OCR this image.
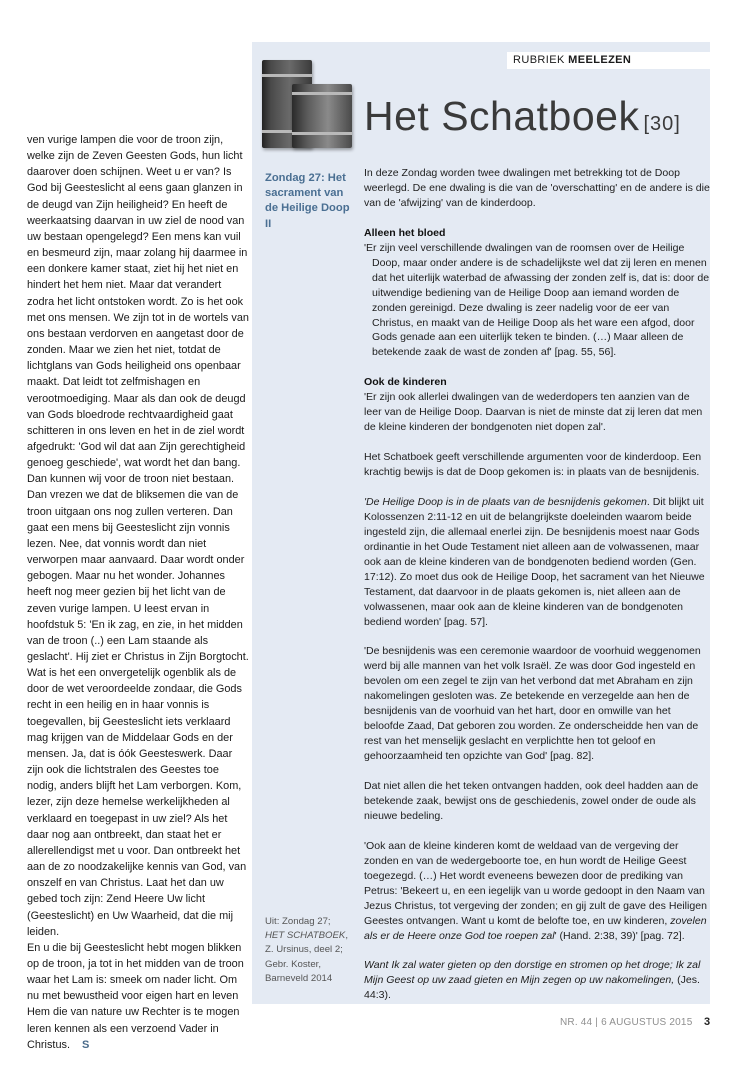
ven vurige lampen die voor de troon zijn, welke zijn de Zeven Geesten Gods, hun licht daarover doen schijnen. Weet u er van? Is God bij Geesteslicht al eens gaan glanzen in de deugd van Zijn heiligheid? En heeft de weerkaatsing daarvan in uw ziel de nood van uw bestaan opengelegd? Een mens kan vuil en besmeurd zijn, maar zolang hij daarmee in een donkere kamer staat, ziet hij het niet en hindert het hem niet. Maar dat verandert zodra het licht ontstoken wordt. Zo is het ook met ons mensen. We zijn tot in de wortels van ons bestaan verdorven en aangetast door de zonden. Maar we zien het niet, totdat de lichtglans van Gods heiligheid ons openbaar maakt. Dat leidt tot zelfmishagen en verootmoediging. Maar als dan ook de deugd van Gods bloedrode rechtvaardigheid gaat schitteren in ons leven en het in de ziel wordt afgedrukt: 'God wil dat aan Zijn gerechtigheid genoeg geschiede', wat wordt het dan bang. Dan kunnen wij voor de troon niet bestaan. Dan vrezen we dat de bliksemen die van de troon uitgaan ons nog zullen verteren. Dan gaat een mens bij Geesteslicht zijn vonnis lezen. Nee, dat vonnis wordt dan niet verworpen maar aanvaard. Daar wordt onder gebogen. Maar nu het wonder. Johannes heeft nog meer gezien bij het licht van de zeven vurige lampen. U leest ervan in hoofdstuk 5: 'En ik zag, en zie, in het midden van de troon (..) een Lam staande als geslacht'. Hij ziet er Christus in Zijn Borgtocht. Wat is het een onvergetelijk ogenblik als de door de wet veroordeelde zondaar, die Gods recht in een heilig en in haar vonnis is toegevallen, bij Geesteslicht iets verklaard mag krijgen van de Middelaar Gods en der mensen. Ja, dat is óók Geesteswerk. Daar zijn ook die lichtstralen des Geestes toe nodig, anders blijft het Lam verborgen. Kom, lezer, zijn deze hemelse werkelijkheden al verklaard en toegepast in uw ziel? Als het daar nog aan ontbreekt, dan staat het er allerellendigst met u voor. Dan ontbreekt het aan de zo noodzakelijke kennis van God, van onszelf en van Christus. Laat het dan uw gebed toch zijn: Zend Heere Uw licht (Geesteslicht) en Uw Waarheid, dat die mij leiden.

En u die bij Geesteslicht hebt mogen blikken op de troon, ja tot in het midden van de troon waar het Lam is: smeek om nader licht. Om nu met bewustheid voor eigen hart en leven Hem die van nature uw Rechter is te mogen leren kennen als een verzoend Vader in Christus. S

RUBRIEK MEELEZEN
Het Schatboek [30]
Zondag 27: Het sacrament van de Heilige Doop II

In deze Zondag worden twee dwalingen met betrekking tot de Doop weerlegd. De ene dwaling is die van de 'overschatting' en de andere is die van de 'afwijzing' van de kinderdoop.

Alleen het bloed

'Er zijn veel verschillende dwalingen van de roomsen over de Heilige Doop, maar onder andere is de schadelijkste wel dat zij leren en menen dat het uiterlijk waterbad de afwassing der zonden zelf is, dat is: door de uitwendige bediening van de Heilige Doop aan iemand worden de zonden gereinigd. Deze dwaling is zeer nadelig voor de eer van Christus, en maakt van de Heilige Doop als het ware een afgod, door Gods genade aan een uiterlijk teken te binden. (…) Maar alleen de betekende zaak de wast de zonden af' [pag. 55, 56].

Ook de kinderen

'Er zijn ook allerlei dwalingen van de wederdopers ten aanzien van de leer van de Heilige Doop. Daarvan is niet de minste dat zij leren dat men de kleine kinderen der bondgenoten niet dopen zal'.

Het Schatboek geeft verschillende argumenten voor de kinderdoop. Een krachtig bewijs is dat de Doop gekomen is: in plaats van de besnijdenis.

'De Heilige Doop is in de plaats van de besnijdenis gekomen. Dit blijkt uit Kolossenzen 2:11-12 en uit de belangrijkste doeleinden waarom beide ingesteld zijn, die allemaal enerlei zijn. De besnijdenis moest naar Gods ordinantie in het Oude Testament niet alleen aan de volwassenen, maar ook aan de kleine kinderen van de bondgenoten bediend worden (Gen. 17:12). Zo moet dus ook de Heilige Doop, het sacrament van het Nieuwe Testament, dat daarvoor in de plaats gekomen is, niet alleen aan de volwassenen, maar ook aan de kleine kinderen van de bondgenoten bediend worden' [pag. 57].

'De besnijdenis was een ceremonie waardoor de voorhuid weggenomen werd bij alle mannen van het volk Israël. Ze was door God ingesteld en bevolen om een zegel te zijn van het verbond dat met Abraham en zijn nakomelingen gesloten was. Ze betekende en verzegelde aan hen de besnijdenis van de voorhuid van het hart, door en omwille van het beloofde Zaad, Dat geboren zou worden. Ze onderscheidde hen van de rest van het menselijk geslacht en verplichtte hen tot geloof en gehoorzaamheid ten opzichte van God' [pag. 82].

Dat niet allen die het teken ontvangen hadden, ook deel hadden aan de betekende zaak, bewijst ons de geschiedenis, zowel onder de oude als nieuwe bedeling.

'Ook aan de kleine kinderen komt de weldaad van de vergeving der zonden en van de wedergeboorte toe, en hun wordt de Heilige Geest toegezegd. (…) Het wordt eveneens bewezen door de prediking van Petrus: 'Bekeert u, en een iegelijk van u worde gedoopt in den Naam van Jezus Christus, tot vergeving der zonden; en gij zult de gave des Heiligen Geestes ontvangen. Want u komt de belofte toe, en uw kinderen, zovelen als er de Heere onze God toe roepen zal' (Hand. 2:38, 39)' [pag. 72].

Want Ik zal water gieten op den dorstige en stromen op het droge; Ik zal Mijn Geest op uw zaad gieten en Mijn zegen op uw nakomelingen, (Jes. 44:3).

Uit: Zondag 27;
HET SCHATBOEK, Z. Ursinus, deel 2; Gebr. Koster, Barneveld 2014
NR. 44 | 6 AUGUSTUS 2015 3
